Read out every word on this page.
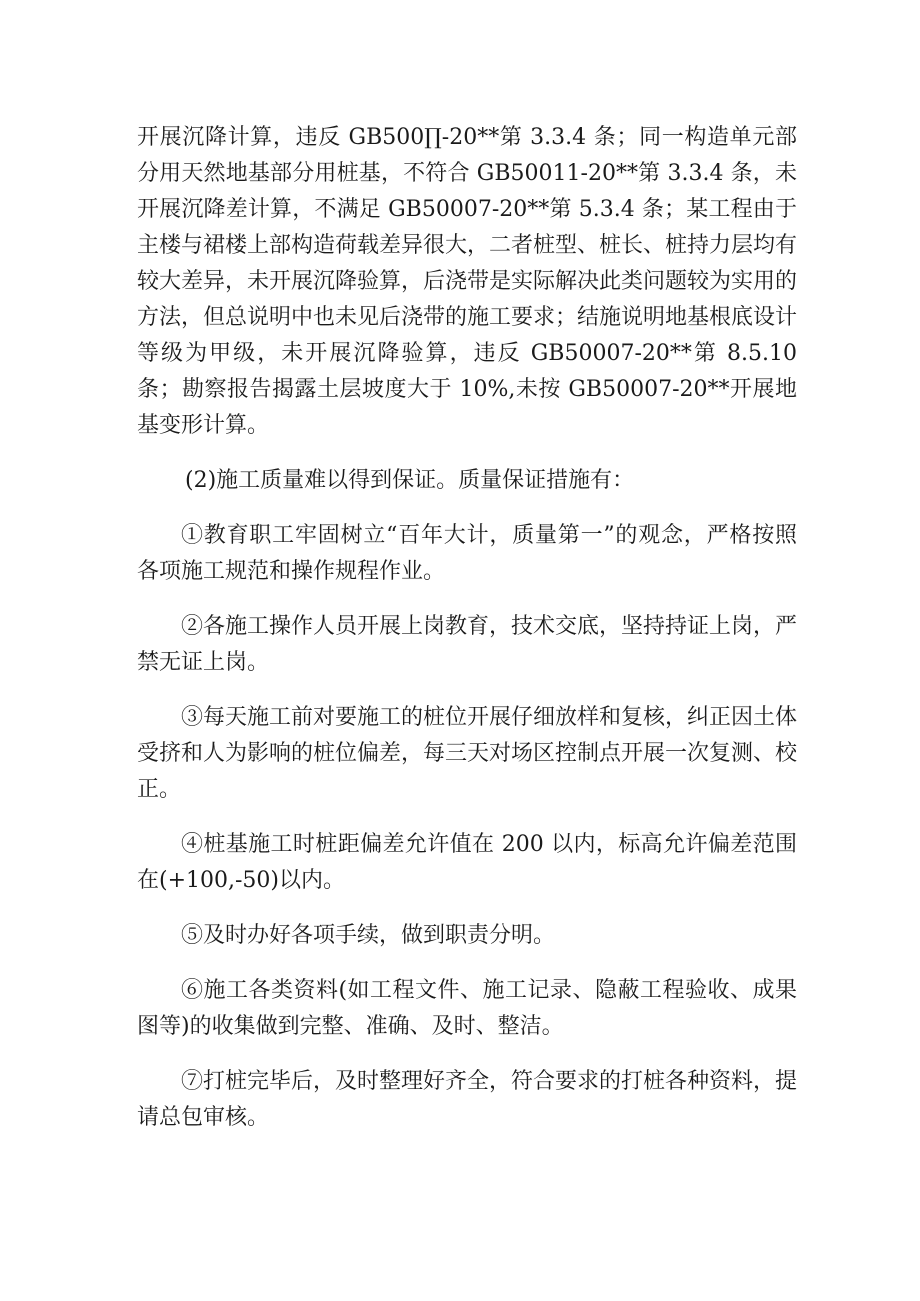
开展沉降计算，违反 GB500∏-20**第 3.3.4 条；同一构造单元部分用天然地基部分用桩基，不符合 GB50011-20**第 3.3.4 条，未开展沉降差计算，不满足 GB50007-20**第 5.3.4 条；某工程由于主楼与裙楼上部构造荷载差异很大，二者桩型、桩长、桩持力层均有较大差异，未开展沉降验算，后浇带是实际解决此类问题较为实用的方法，但总说明中也未见后浇带的施工要求；结施说明地基根底设计等级为甲级，未开展沉降验算，违反 GB50007-20**第 8.5.10 条；勘察报告揭露土层坡度大于 10%,未按 GB50007-20**开展地基变形计算。

(2)施工质量难以得到保证。质量保证措施有：

①教育职工牢固树立“百年大计，质量第一”的观念，严格按照各项施工规范和操作规程作业。

②各施工操作人员开展上岗教育，技术交底，坚持持证上岗，严禁无证上岗。

③每天施工前对要施工的桩位开展仔细放样和复核，纠正因土体受挤和人为影响的桩位偏差，每三天对场区控制点开展一次复测、校正。

④桩基施工时桩距偏差允许值在 200 以内，标高允许偏差范围在(+100,-50)以内。

⑤及时办好各项手续，做到职责分明。

⑥施工各类资料(如工程文件、施工记录、隐蔽工程验收、成果图等)的收集做到完整、准确、及时、整洁。

⑦打桩完毕后，及时整理好齐全，符合要求的打桩各种资料，提请总包审核。
